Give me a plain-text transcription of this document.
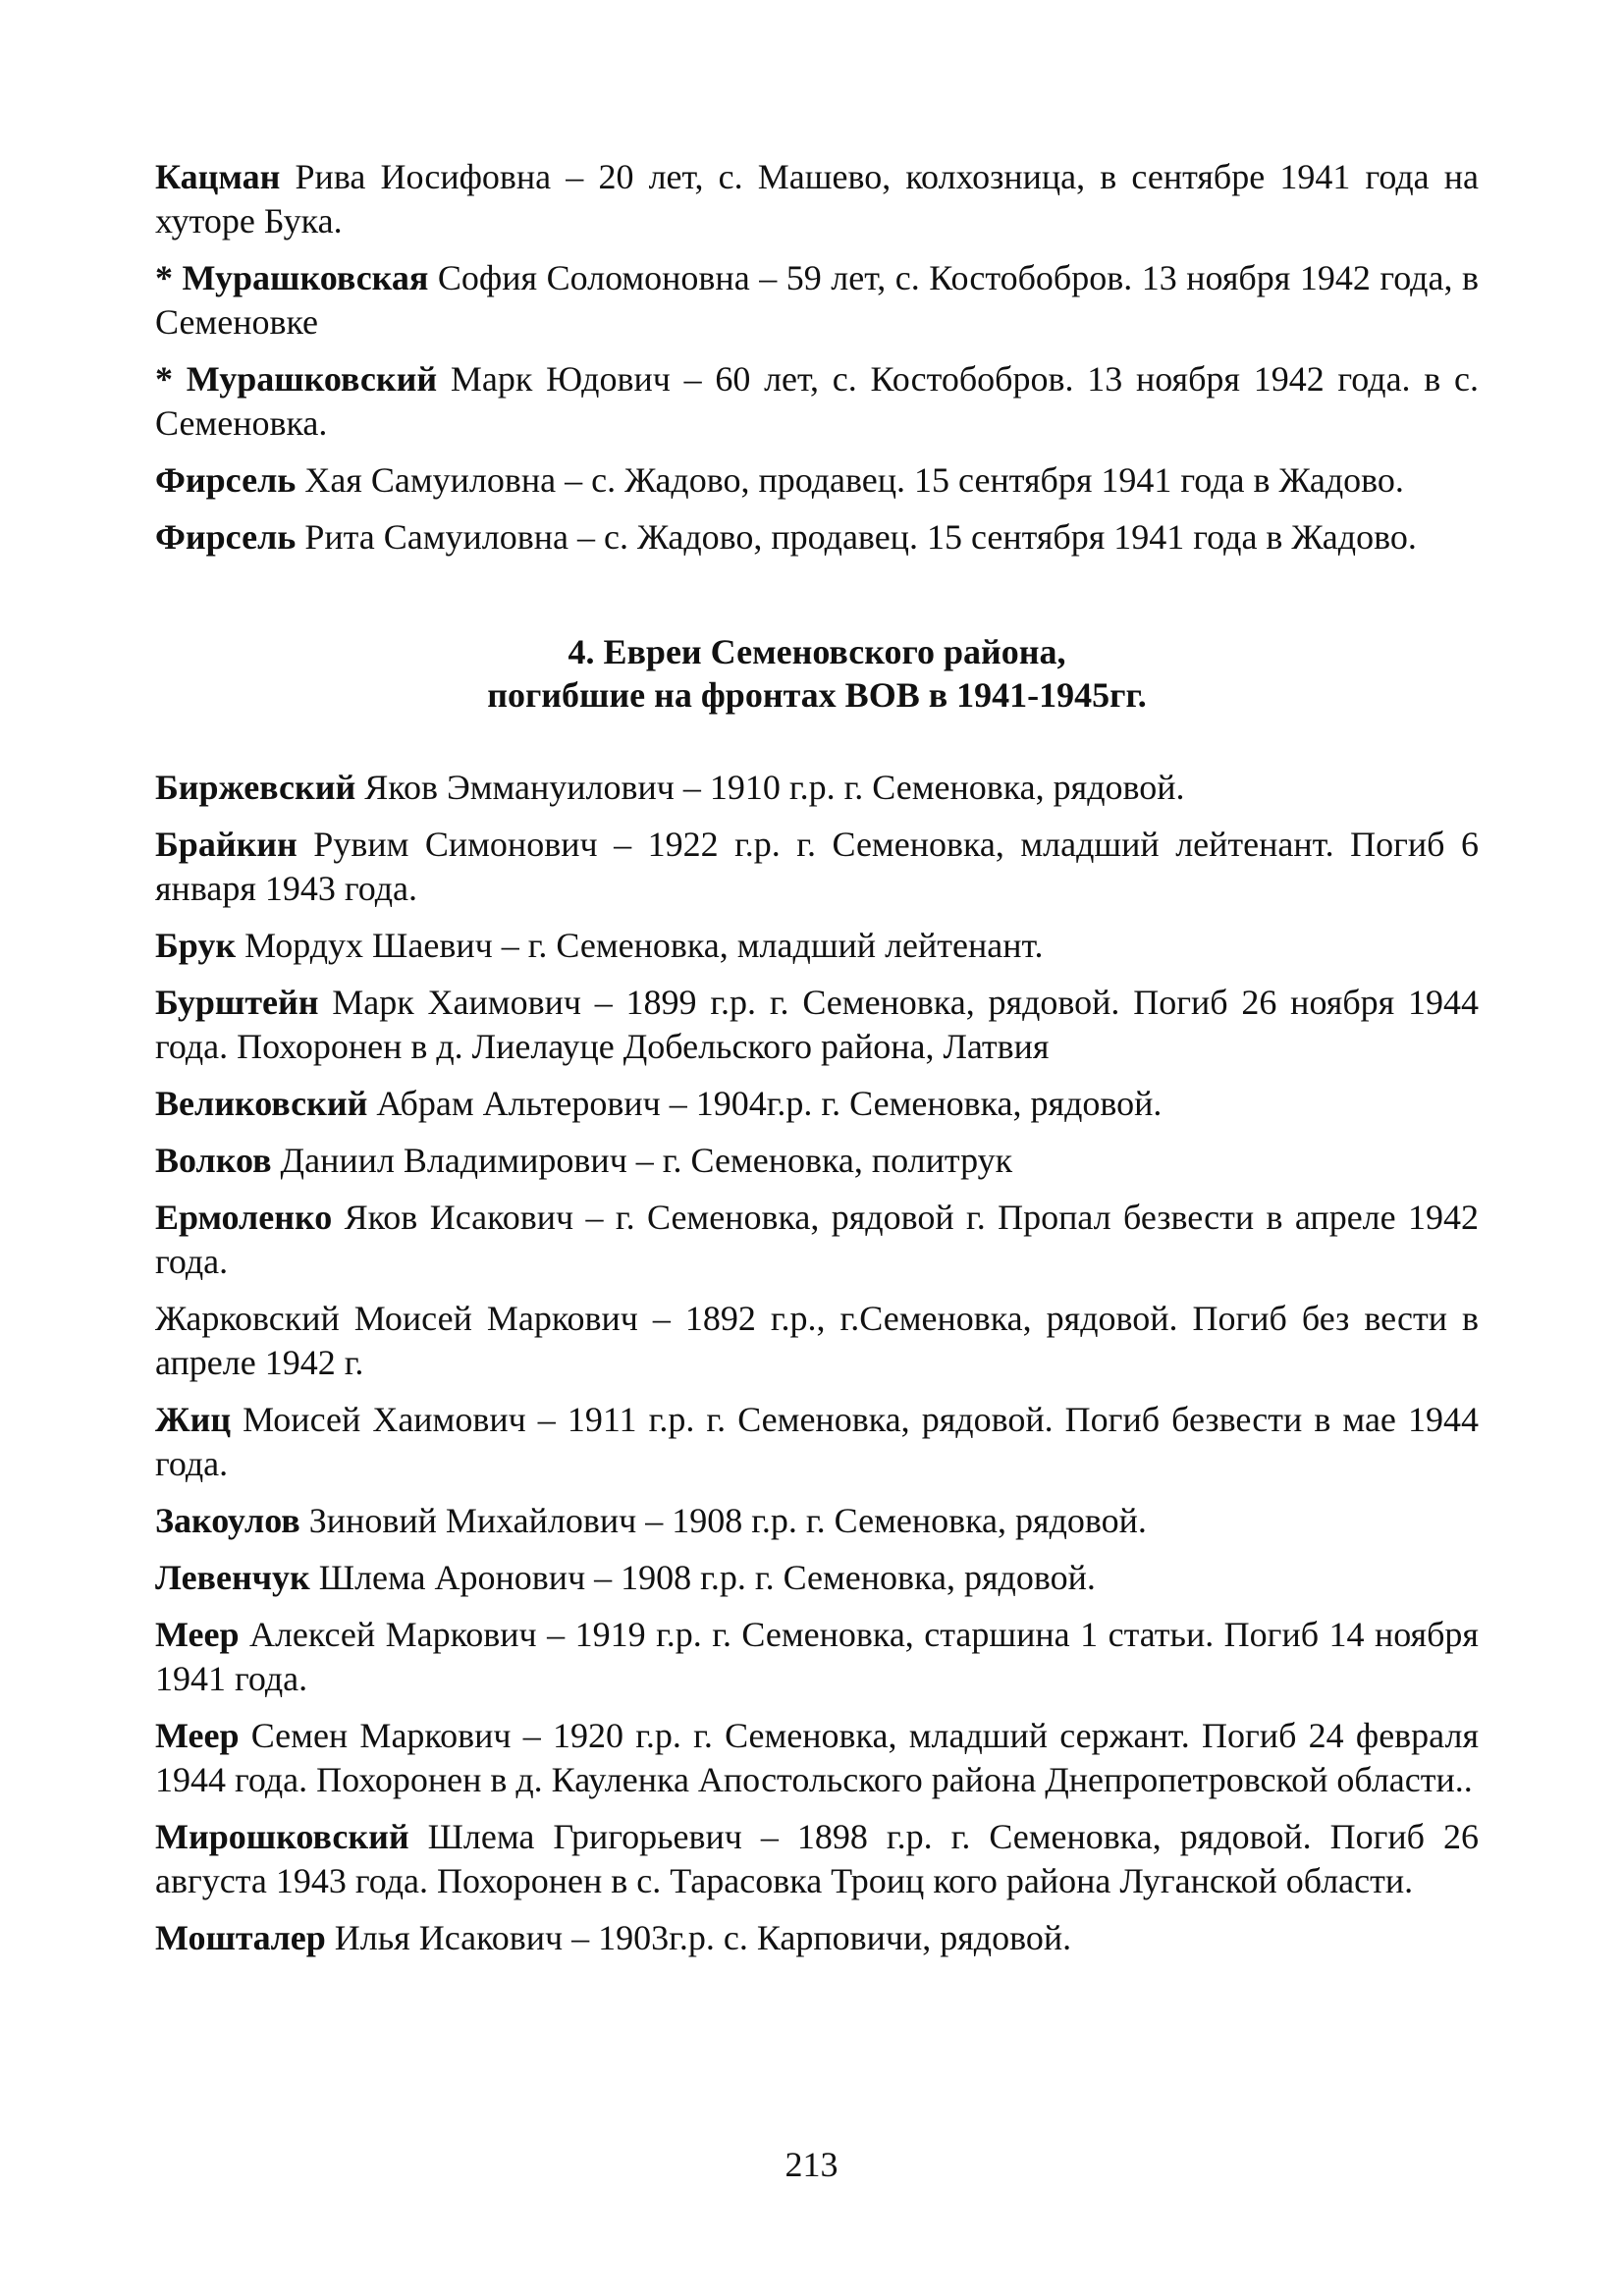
Кацман Рива Иосифовна – 20 лет, с. Машево, колхозница, в сентябре 1941 года на хуторе Бука.

* Мурашковская София Соломоновна – 59 лет, с. Костобобров. 13 ноября 1942 года, в Семеновке

* Мурашковский Марк Юдович – 60 лет, с. Костобобров. 13 ноября 1942 года. в с. Семеновка.

Фирсель Хая Самуиловна – с. Жадово, продавец. 15 сентября 1941 года в Жадово.

Фирсель Рита Самуиловна – с. Жадово, продавец. 15 сентября 1941 года в Жадово.

4. Евреи Семеновского района,
погибшие на фронтах ВОВ в 1941-1945гг.

Биржевский Яков Эммануилович – 1910 г.р. г. Семеновка, рядовой.

Брайкин Рувим Симонович – 1922 г.р. г. Семеновка, младший лейтенант. Погиб 6 января 1943 года.

Брук Мордух Шаевич – г. Семеновка, младший лейтенант.

Бурштейн Марк Хаимович – 1899 г.р. г. Семеновка, рядовой. Погиб 26 ноября 1944 года. Похоронен в д. Лиелауце Добельского района, Латвия

Великовский Абрам Альтерович – 1904г.р. г. Семеновка, рядовой.

Волков Даниил Владимирович – г. Семеновка, политрук

Ермоленко Яков Исакович – г. Семеновка, рядовой г. Пропал безвести в апреле 1942 года.

Жарковский Моисей Маркович – 1892 г.р., г.Семеновка, рядовой. Погиб без вести в апреле 1942 г.

Жиц Моисей Хаимович – 1911 г.р. г. Семеновка, рядовой. Погиб безвести в мае 1944 года.

Закоулов Зиновий Михайлович – 1908 г.р. г. Семеновка, рядовой.

Левенчук Шлема Аронович – 1908 г.р. г. Семеновка, рядовой.

Меер Алексей Маркович – 1919 г.р. г. Семеновка, старшина 1 статьи. Погиб 14 ноября 1941 года.

Меер Семен Маркович – 1920 г.р. г. Семеновка, младший сержант. Погиб 24 февраля 1944 года. Похоронен в д. Кауленка Апостольского района Днепропетровской области..

Мирошковский Шлема Григорьевич – 1898 г.р. г. Семеновка, рядовой. Погиб 26 августа 1943 года. Похоронен в с. Тарасовка Троиц кого района Луганской области.

Моштaлер Илья Исакович – 1903г.р. с. Карповичи, рядовой.

213
